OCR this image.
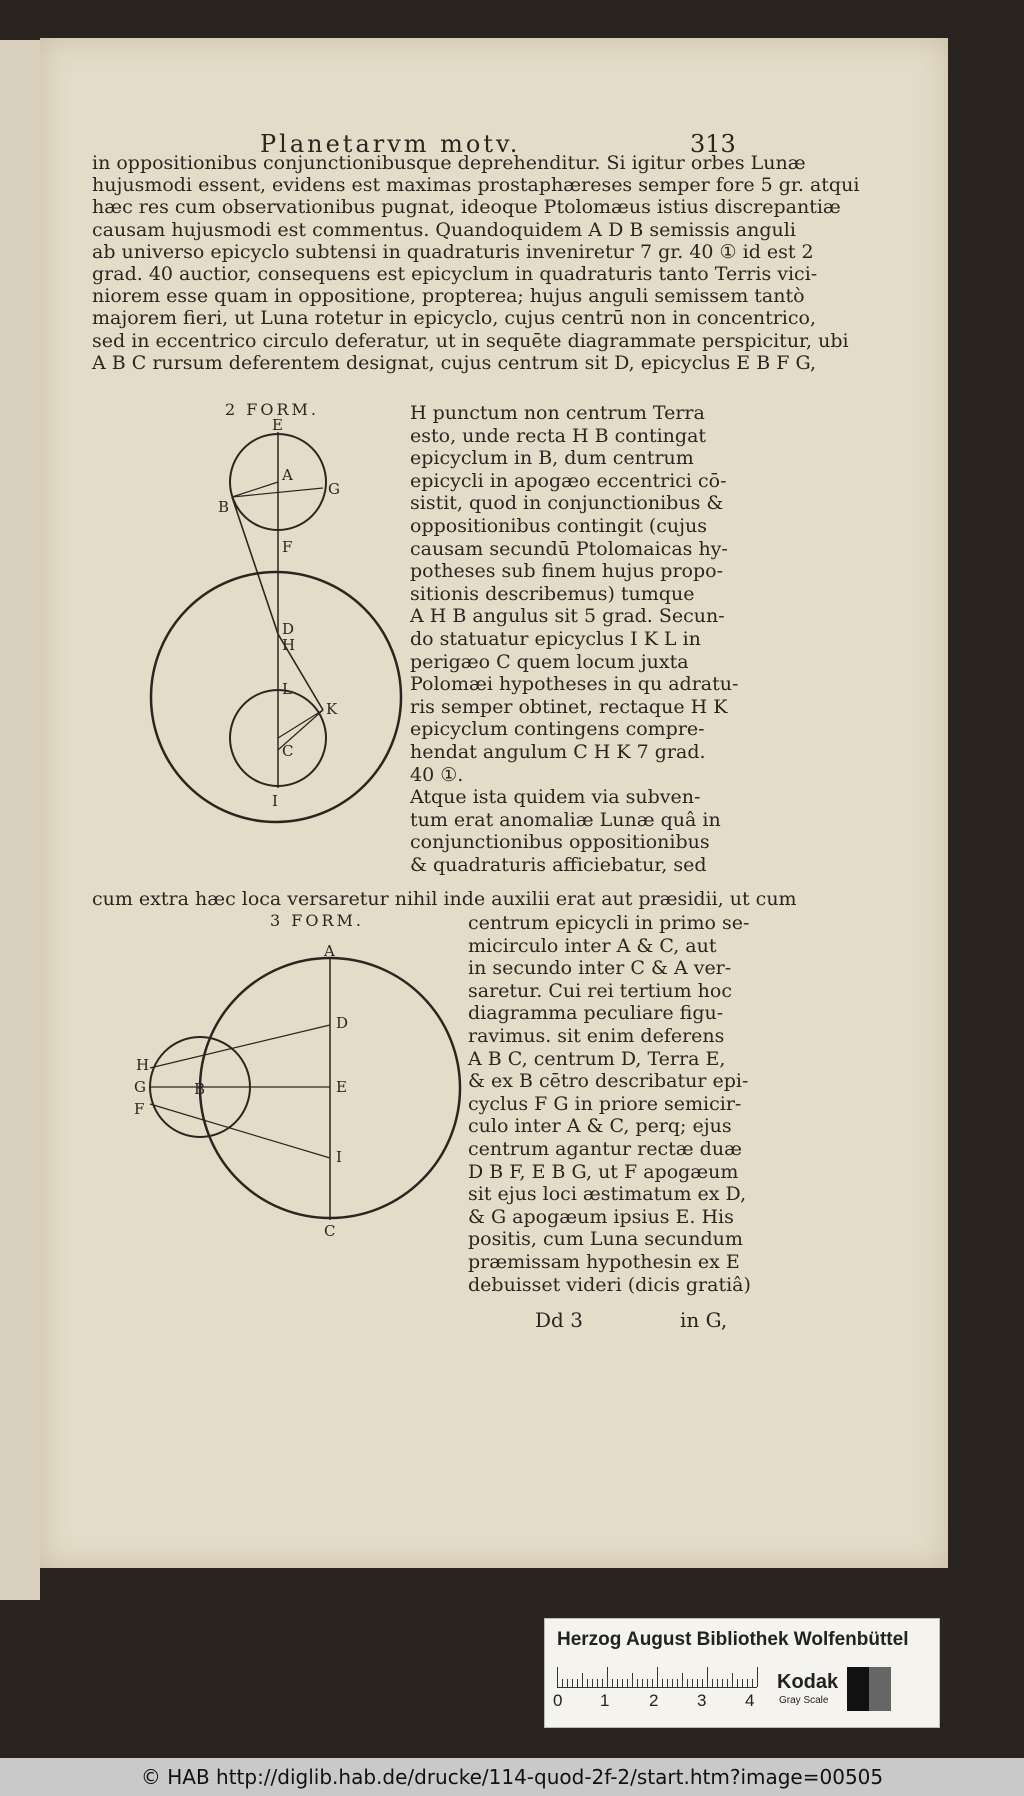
Planetarvm motv.	313
in oppositionibus conjunctionibusque deprehenditur. Si igitur orbes Lunæ
hujusmodi essent, evidens est maximas prostaphæreses semper fore 5 gr. atqui
hæc res cum observationibus pugnat, ideoque Ptolomæus istius discrepantiæ
causam hujusmodi est commentus. Quandoquidem A D B semissis anguli
ab universo epicyclo subtensi in quadraturis inveniretur 7 gr. 40 ① id est 2
grad. 40 auctior, consequens est epicyclum in quadraturis tanto Terris vici-
niorem esse quam in oppositione, propterea; hujus anguli semissem tantò
majorem fieri, ut Luna rotetur in epicyclo, cujus centrū non in concentrico,
sed in eccentrico circulo deferatur, ut in sequēte diagrammate perspicitur, ubi
A B C rursum deferentem designat, cujus centrum sit D, epicyclus E B F G,
2 FORM.
E
A
G
B
F
D
H
L
K
C
I
H punctum non centrum Terra
esto, unde recta H B contingat
epicyclum in B, dum centrum
epicycli in apogæo eccentrici cō-
sistit, quod in conjunctionibus &
oppositionibus contingit (cujus
causam secundū Ptolomaicas hy-
potheses sub finem hujus propo-
sitionis describemus) tumque
A H B angulus sit 5 grad. Secun-
do statuatur epicyclus I K L in
perigæo C quem locum juxta
Polomæi hypotheses in qu adratu-
ris semper obtinet, rectaque H K
epicyclum contingens compre-
hendat angulum C H K 7 grad.
40 ①.
Atque ista quidem via subven-
tum erat anomaliæ Lunæ quâ in
conjunctionibus oppositionibus
& quadraturis afficiebatur, sed
cum extra hæc loca versaretur nihil inde auxilii erat aut præsidii, ut cum
3 FORM.
A
D
E
I
C
H
G
F
B
centrum epicycli in primo se-
micirculo inter A & C, aut
in secundo inter C & A ver-
saretur. Cui rei tertium hoc
diagramma peculiare figu-
ravimus. sit enim deferens
A B C, centrum D, Terra E,
& ex B cētro describatur epi-
cyclus F G in priore semicir-
culo inter A & C, perq; ejus
centrum agantur rectæ duæ
D B F, E B G, ut F apogæum
sit ejus loci æstimatum ex D,
& G apogæum ipsius E. His
positis, cum Luna secundum
præmissam hypothesin ex E
debuisset videri (dicis gratiâ)
Dd 3	in G,
Herzog August Bibliothek Wolfenbüttel
0 1 2 3 4
Kodak
Gray Scale
© HAB http://diglib.hab.de/drucke/114-quod-2f-2/start.htm?image=00505
